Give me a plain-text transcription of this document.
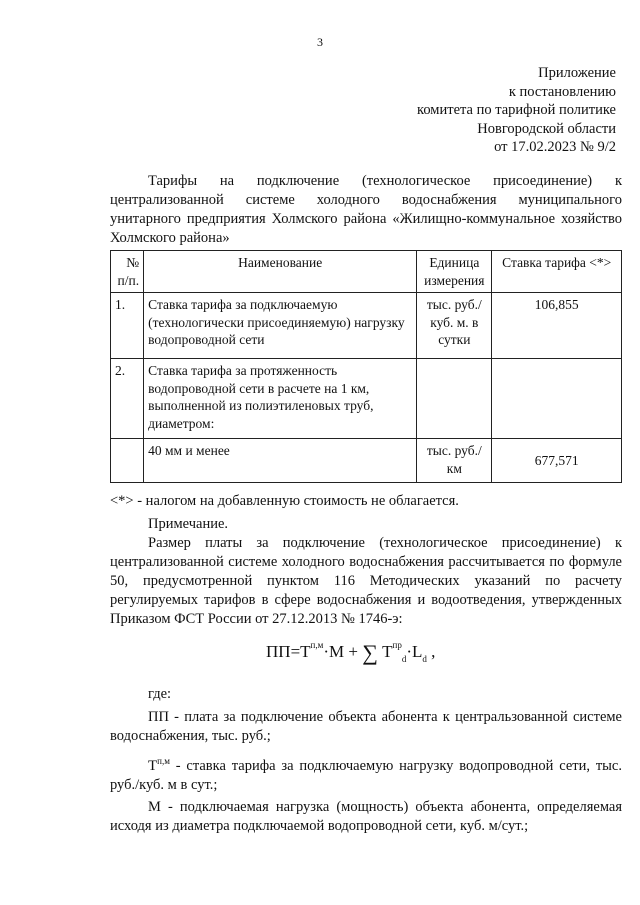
3
Приложение
к постановлению
комитета по тарифной политике
Новгородской области
от 17.02.2023 № 9/2
Тарифы на подключение (технологическое присоединение) к централизованной системе холодного водоснабжения муниципального унитарного предприятия Холмского района «Жилищно-коммунальное хозяйство Холмского района»
№ п/п.	Наименование	Единица измерения	Ставка тарифа <*>
1.	Ставка тарифа за подключаемую (технологически присоединяемую) нагрузку водопроводной сети	тыс. руб./куб. м. в сутки	106,855
2.	Ставка тарифа за протяженность водопроводной сети в расчете на 1 км, выполненной из полиэтиленовых труб, диаметром:		
	40 мм и менее	тыс. руб./км	677,571
<*> - налогом на добавленную стоимость не облагается.
Примечание.
Размер платы за подключение (технологическое присоединение) к централизованной системе холодного водоснабжения рассчитывается по формуле 50, предусмотренной пунктом 116 Методических указаний по расчету регулируемых тарифов в сфере водоснабжения и водоотведения, утвержденных Приказом ФСТ России от 27.12.2013 № 1746-э:
$ПП=Т^{п,м}\cdot М$ + ∑ $Т^{пр}_d\cdot L_d$ ,
где:
ПП - плата за подключение объекта абонента к центральзованной системе водоснабжения, тыс. руб.;
$Т^{п,м}$ - ставка тарифа за подключаемую нагрузку водопроводной сети, тыс. руб./куб. м в сут.;
М - подключаемая нагрузка (мощность) объекта абонента, определяемая исходя из диаметра подключаемой водопроводной сети, куб. м/сут.;
